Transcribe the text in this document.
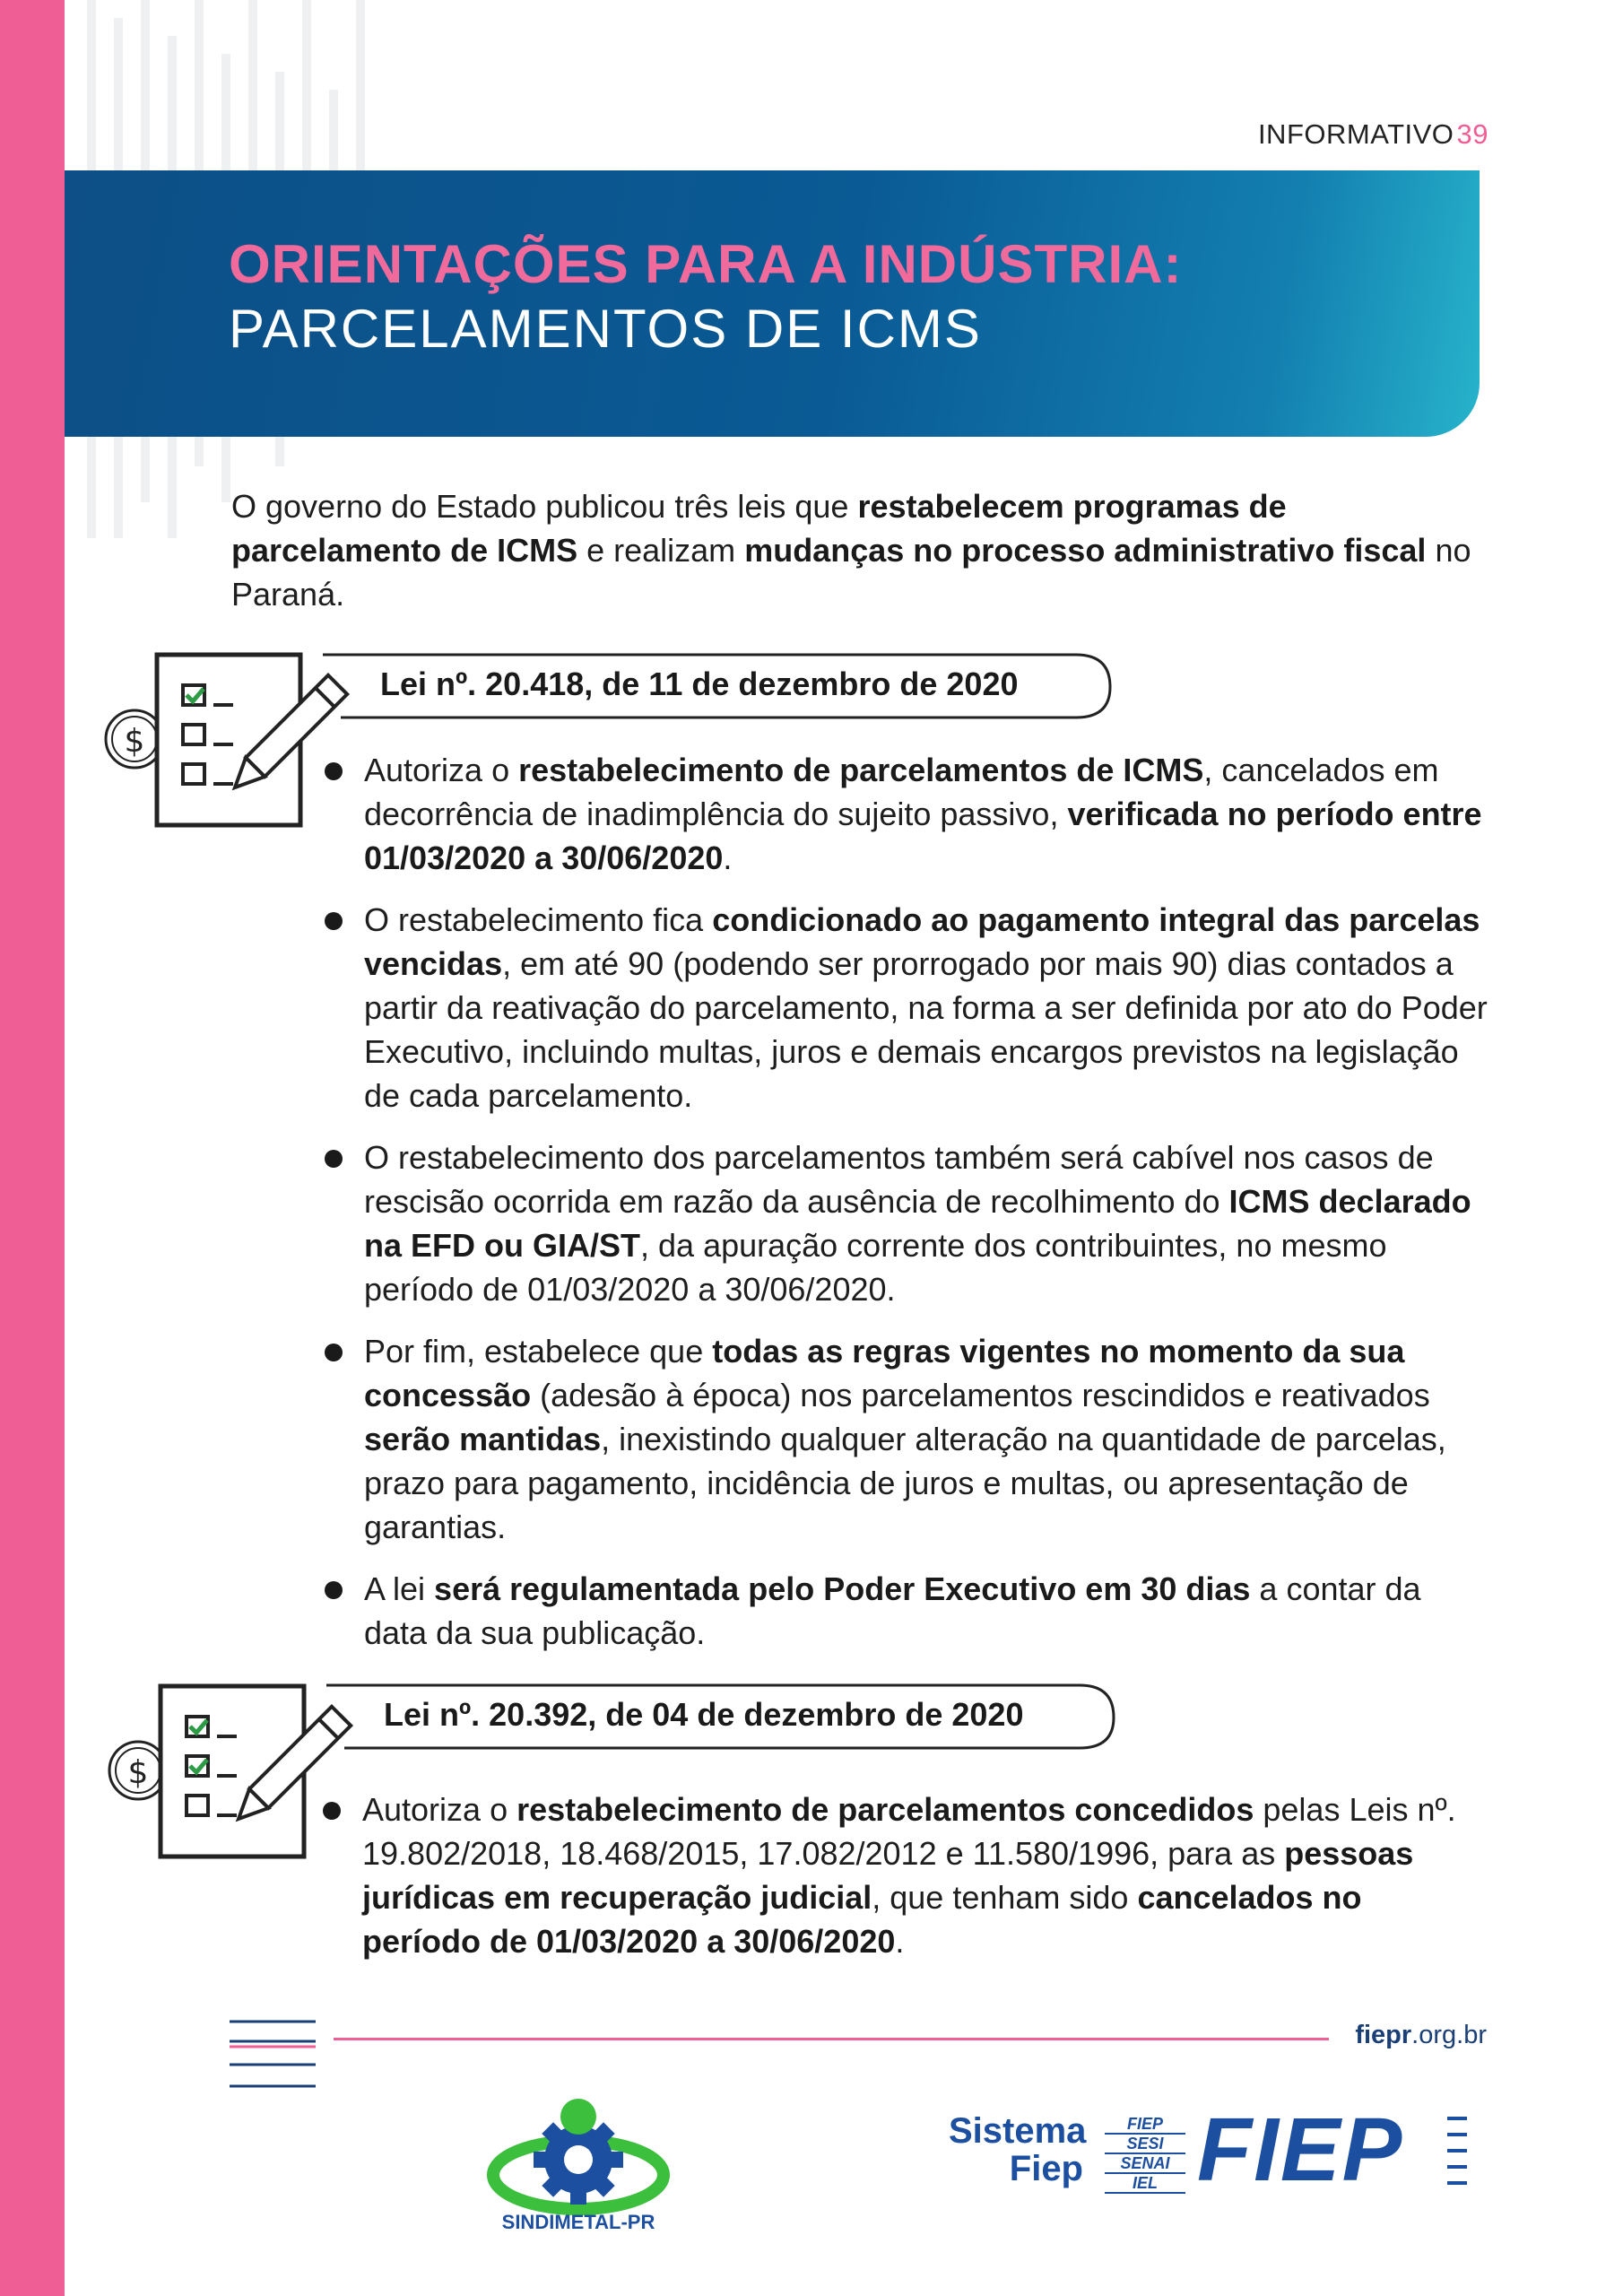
INFORMATIVO 39
ORIENTAÇÕES PARA A INDÚSTRIA:
PARCELAMENTOS DE ICMS
O governo do Estado publicou três leis que restabelecem programas de parcelamento de ICMS e realizam mudanças no processo administrativo fiscal no Paraná.
$
Lei nº. 20.418, de 11 de dezembro de 2020
Autoriza o restabelecimento de parcelamentos de ICMS, cancelados em decorrência de inadimplência do sujeito passivo, verificada no período entre 01/03/2020 a 30/06/2020.
O restabelecimento fica condicionado ao pagamento integral das parcelas vencidas, em até 90 (podendo ser prorrogado por mais 90) dias contados a partir da reativação do parcelamento, na forma a ser definida por ato do Poder Executivo, incluindo multas, juros e demais encargos previstos na legislação de cada parcelamento.
O restabelecimento dos parcelamentos também será cabível nos casos de rescisão ocorrida em razão da ausência de recolhimento do ICMS declarado na EFD ou GIA/ST, da apuração corrente dos contribuintes, no mesmo período de 01/03/2020 a 30/06/2020.
Por fim, estabelece que todas as regras vigentes no momento da sua concessão (adesão à época) nos parcelamentos rescindidos e reativados serão mantidas, inexistindo qualquer alteração na quantidade de parcelas, prazo para pagamento, incidência de juros e multas, ou apresentação de garantias.
A lei será regulamentada pelo Poder Executivo em 30 dias a contar da data da sua publicação.
$
Lei nº. 20.392, de 04 de dezembro de 2020
Autoriza o restabelecimento de parcelamentos concedidos pelas Leis nº. 19.802/2018, 18.468/2015, 17.082/2012 e 11.580/1996, para as pessoas jurídicas em recuperação judicial, que tenham sido cancelados no período de 01/03/2020 a 30/06/2020.
fiepr.org.br
SINDIMETAL-PR
Sistema
Fiep
FIEP
SESI
SENAI
IEL FIEP
